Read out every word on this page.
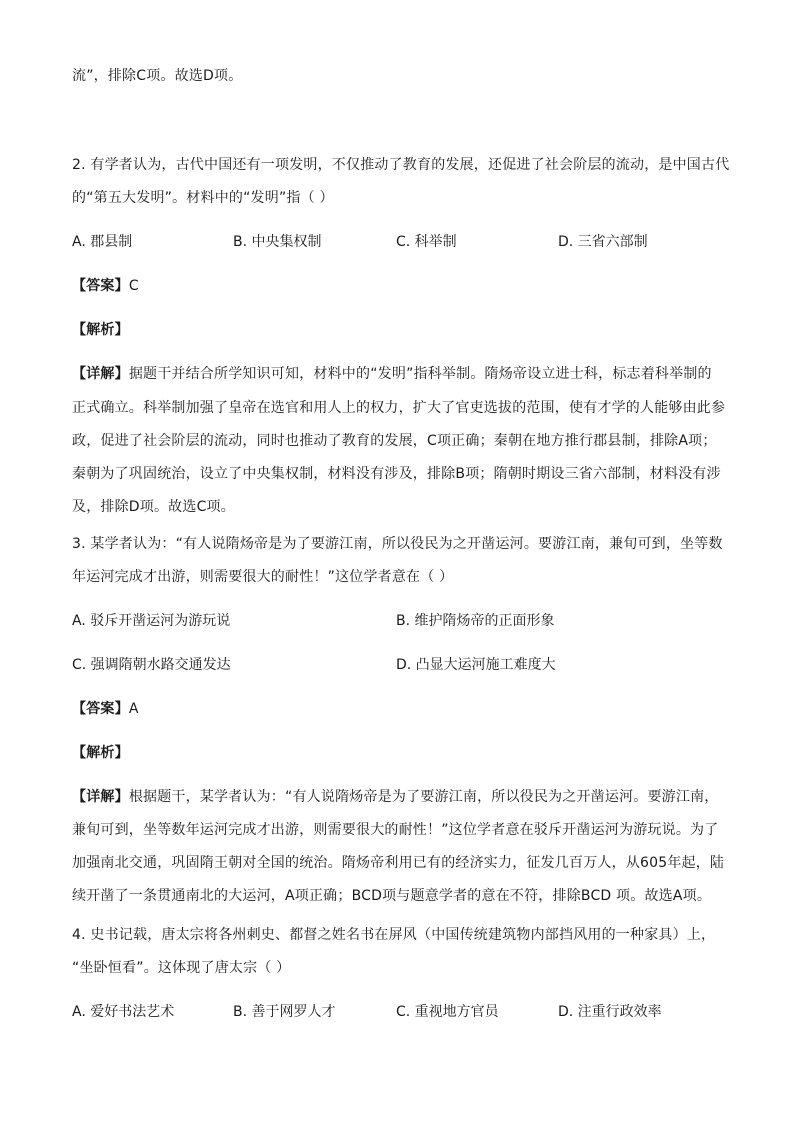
流”，排除C项。故选D项。
2. 有学者认为，古代中国还有一项发明，不仅推动了教育的发展，还促进了社会阶层的流动，是中国古代
的“第五大发明”。材料中的“发明”指（ ）
A. 郡县制	B. 中央集权制	C. 科举制	D. 三省六部制
【答案】C
【解析】
【详解】据题干并结合所学知识可知，材料中的“发明”指科举制。隋炀帝设立进士科，标志着科举制的
正式确立。科举制加强了皇帝在选官和用人上的权力，扩大了官吏选拔的范围，使有才学的人能够由此参
政，促进了社会阶层的流动，同时也推动了教育的发展，C项正确；秦朝在地方推行郡县制，排除A项；
秦朝为了巩固统治，设立了中央集权制，材料没有涉及，排除B项；隋朝时期设三省六部制，材料没有涉
及，排除D项。故选C项。
3. 某学者认为：“有人说隋炀帝是为了要游江南，所以役民为之开凿运河。要游江南，兼旬可到，坐等数
年运河完成才出游，则需要很大的耐性！”这位学者意在（ ）
A. 驳斥开凿运河为游玩说	B. 维护隋炀帝的正面形象
C. 强调隋朝水路交通发达	D. 凸显大运河施工难度大
【答案】A
【解析】
【详解】根据题干，某学者认为：“有人说隋炀帝是为了要游江南，所以役民为之开凿运河。要游江南，
兼旬可到，坐等数年运河完成才出游，则需要很大的耐性！”这位学者意在驳斥开凿运河为游玩说。为了
加强南北交通，巩固隋王朝对全国的统治。隋炀帝利用已有的经济实力，征发几百万人，从605年起，陆
续开凿了一条贯通南北的大运河，A项正确；BCD项与题意学者的意在不符，排除BCD 项。故选A项。
4. 史书记载，唐太宗将各州刺史、都督之姓名书在屏风（中国传统建筑物内部挡风用的一种家具）上，
“坐卧恒看”。这体现了唐太宗（ ）
A. 爱好书法艺术	B. 善于网罗人才	C. 重视地方官员	D. 注重行政效率
